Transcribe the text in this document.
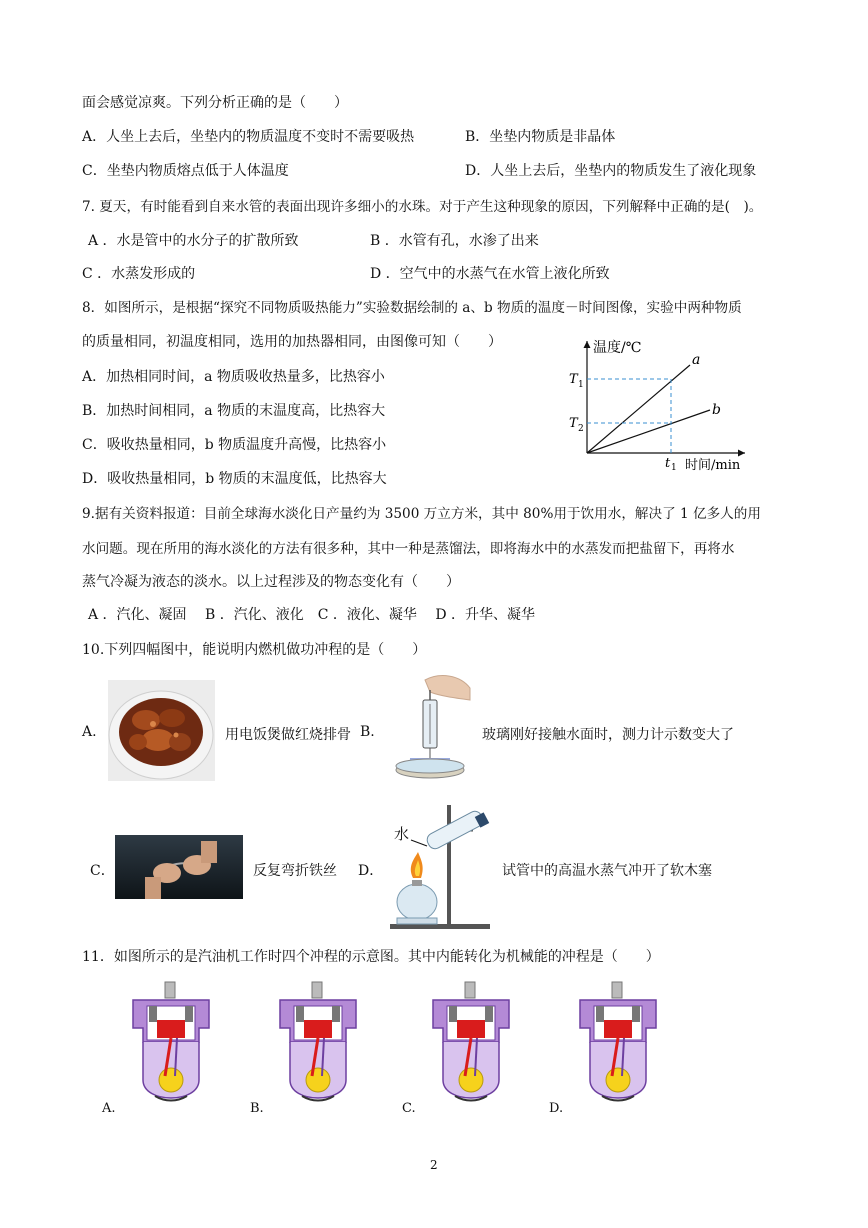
面会感觉凉爽。下列分析正确的是（　　）
A．人坐上去后，坐垫内的物质温度不变时不需要吸热	B．坐垫内物质是非晶体
C．坐垫内物质熔点低于人体温度	D．人坐上去后，坐垫内的物质发生了液化现象
7. 夏天，有时能看到自来水管的表面出现许多细小的水珠。对于产生这种现象的原因，下列解释中正确的是(　)。
A ．水是管中的水分子的扩散所致	B ．水管有孔，水渗了出来
C ．水蒸发形成的	D ．空气中的水蒸气在水管上液化所致
8．如图所示，是根据“探究不同物质吸热能力”实验数据绘制的 a、b 物质的温度－时间图像，实验中两种物质
的质量相同，初温度相同，选用的加热器相同，由图像可知（　　）
A．加热相同时间，a 物质吸收热量多，比热容小
B．加热时间相同，a 物质的末温度高，比热容大
C．吸收热量相同，b 物质温度升高慢，比热容小
D．吸收热量相同，b 物质的末温度低，比热容大
温度/℃
时间/min
T 1
T 2
t 1
a
b
9.据有关资料报道：目前全球海水淡化日产量约为 3500 万立方米，其中 80%用于饮用水，解决了 1 亿多人的用
水问题。现在所用的海水淡化的方法有很多种，其中一种是蒸馏法，即将海水中的水蒸发而把盐留下，再将水
蒸气冷凝为液态的淡水。以上过程涉及的物态变化有（　　）
A ．汽化、凝固　 B ．汽化、液化　C ．液化、凝华　 D ．升华、凝华
10.下列四幅图中，能说明内燃机做功冲程的是（　　）
A.	用电饭煲做红烧排骨 B.	玻璃刚好接触水面时，测力计示数变大了
C．	反复弯折铁丝 D．
水
试管中的高温水蒸气冲开了软木塞
11．如图所示的是汽油机工作时四个冲程的示意图。其中内能转化为机械能的冲程是（　　）
A.	B.	C.	D.
2
